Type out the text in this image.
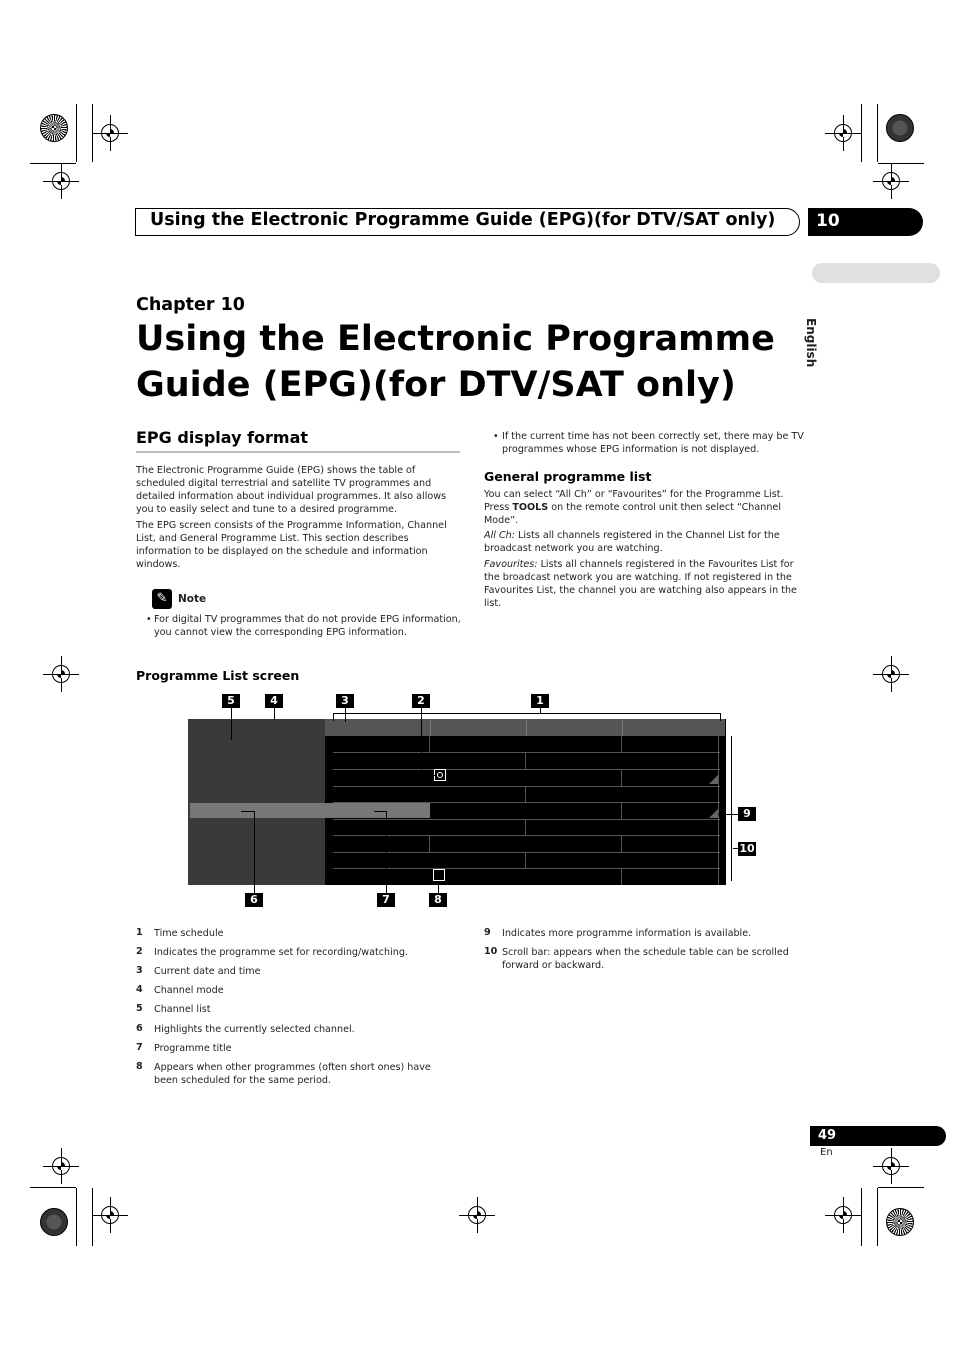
Using the Electronic Programme Guide (EPG)(for DTV/SAT only) 10
English
Chapter 10
Using the Electronic Programme
Guide (EPG)(for DTV/SAT only)
EPG display format
The Electronic Programme Guide (EPG) shows the table of scheduled digital terrestrial and satellite TV programmes and detailed information about individual programmes. It also allows you to easily select and tune to a desired programme.
The EPG screen consists of the Programme Information, Channel List, and General Programme List. This section describes information to be displayed on the schedule and information windows.
✎	Note
• For digital TV programmes that do not provide EPG information, you cannot view the corresponding EPG information.
• If the current time has not been correctly set, there may be TV programmes whose EPG information is not displayed.
General programme list
You can select “All Ch” or “Favourites” for the Programme List. Press TOOLS on the remote control unit then select “Channel Mode”.
All Ch: Lists all channels registered in the Channel List for the broadcast network you are watching.
Favourites: Lists all channels registered in the Favourites List for the broadcast network you are watching. If not registered in the Favourites List, the channel you are watching also appears in the list.
Programme List screen
5	4	3	2	1
9
10
6	7	8
1 Time schedule
2 Indicates the programme set for recording/watching.
3 Current date and time
4 Channel mode
5 Channel list
6 Highlights the currently selected channel.
7 Programme title
8 Appears when other programmes (often short ones) have been scheduled for the same period.
9 Indicates more programme information is available.
10 Scroll bar: appears when the schedule table can be scrolled forward or backward.
49
En
